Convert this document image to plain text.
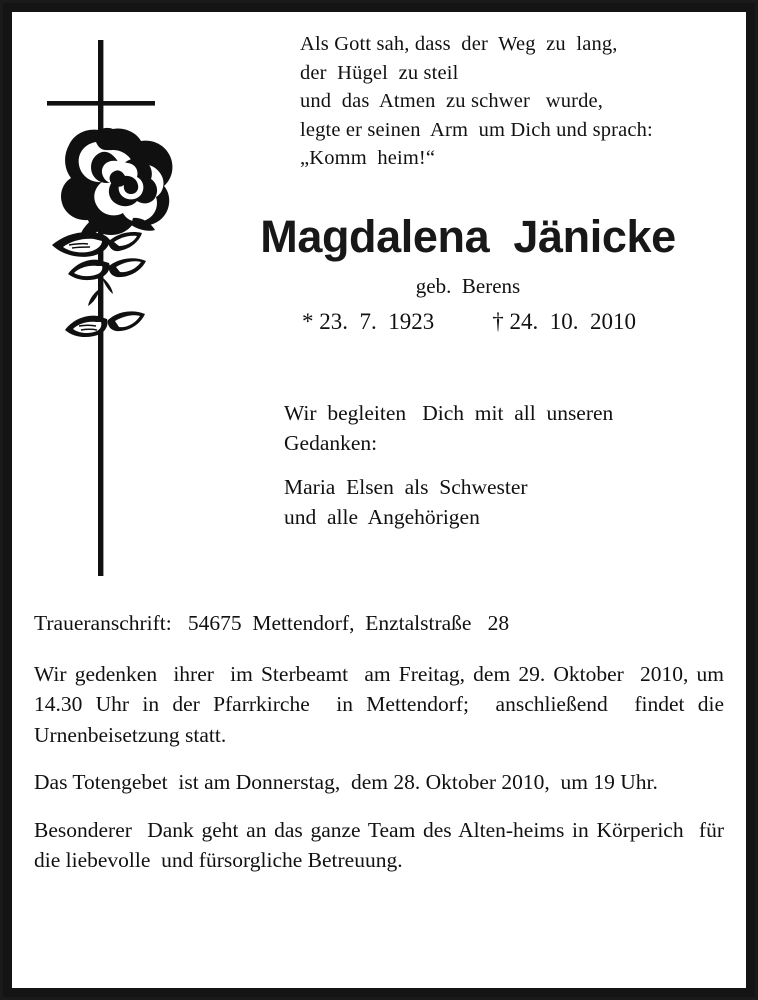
Als Gott sah, dass  der  Weg  zu  lang,
der  Hügel  zu steil
und  das  Atmen  zu schwer   wurde,
legte er seinen  Arm  um Dich und sprach:
„Komm  heim!“
Magdalena  Jänicke
geb.  Berens
* 23.  7.  1923	† 24.  10.  2010
Wir  begleiten   Dich  mit  all  unseren
Gedanken:
Maria  Elsen  als  Schwester
und  alle  Angehörigen

Traueranschrift: 54675  Mettendorf,  Enztalstraße   28

Wir gedenken  ihrer  im Sterbeamt  am Freitag, dem 29. Oktober  2010, um 14.30 Uhr in der Pfarrkirche  in Mettendorf;  anschließend  findet die Urnenbeisetzung statt.

Das Totengebet  ist am Donnerstag,  dem 28. Oktober 2010,  um 19 Uhr.

Besonderer  Dank geht an das ganze Team des Alten-heims in Körperich  für die liebevolle  und fürsorgliche Betreuung.
